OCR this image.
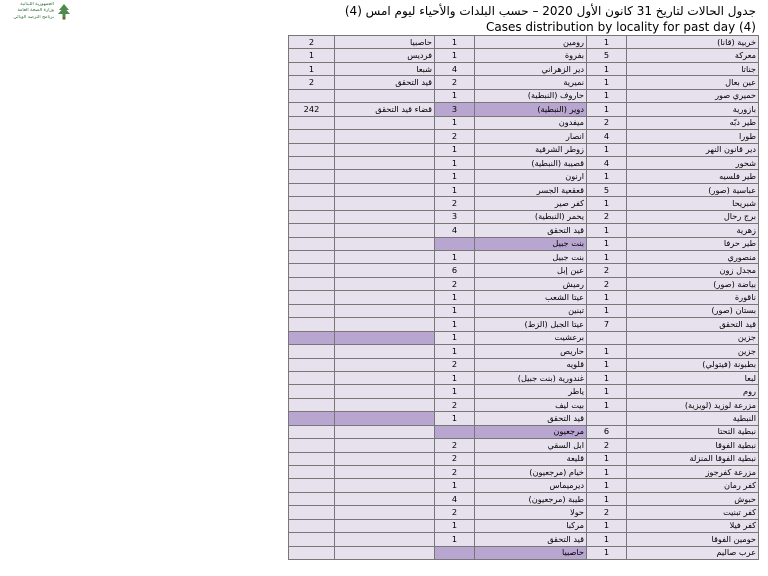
الجمهورية اللبنانية
وزارة الصحة العامة
برنامج الترصد الوبائي	جدول الحالات لتاريخ 31 كانون الأول 2020 – حسب البلدات والأحياء ليوم امس (4)
Cases distribution by locality for past day (4)
2	حاصبيا	1	رومين	1	خربية (قانا)
1	فرديس	1	بفروة	5	معركة
1	شبعا	4	دير الزهراني	1	جناتا
2	قيد التحقق	2	نميرية	1	عين بعال
		1	حاروف (النبطية)	1	حميري صور
242	قضاء قيد التحقق	3	دوير (النبطية)	1	بازورية
		1	ميفدون	2	طير دبّه
		2	انصار	4	طورا
		1	زوطر الشرقية	1	دير قانون النهر
		1	قصيبة (النبطية)	4	شحور
		1	ارنون	1	طير فلسيه
		1	قعقعية الجسر	5	عباسية (صور)
		2	كفر صير	1	شبريحا
		3	يحمر (النبطية)	2	برج رحال
		4	قيد التحقق	1	زهرية
			بنت جبيل	1	طير حرفا
		1	بنت جبيل	1	منصوري
		6	عين إبل	2	مجدل زون
		2	رميش	2	بياضة (صور)
		1	عيتا الشعب	1	ناقورة
		1	تبنين	1	بستان (صور)
		1	عيتا الجبل (الزط)	7	قيد التحقق
		1	برعشيت		جزين
		1	حاريص	1	جزين
		2	قلويه	1	بطبونة (فيتولي)
		1	غندورية (بنت جبيل)	1	لبعا
		1	ياطر	1	روم
		2	بيت ليف	1	مزرعة لوزيد (لويزية)
		1	قيد التحقق		النبطية
			مرجعيون	6	نبطية التحتا
		2	ابل السقي	2	نبطية الفوقا
		2	قليعة	1	نبطية الفوقا المنزلة
		2	خيام (مرجعيون)	1	مزرعة كفرجوز
		1	ديرميماس	1	كفر رمان
		4	طيبة (مرجعيون)	1	حبوش
		2	حولا	2	كفر تبنيت
		1	مركبا	1	كفر فيلا
		1	قيد التحقق	1	حومين الفوقا
			حاصبيا	1	عرب صاليم
